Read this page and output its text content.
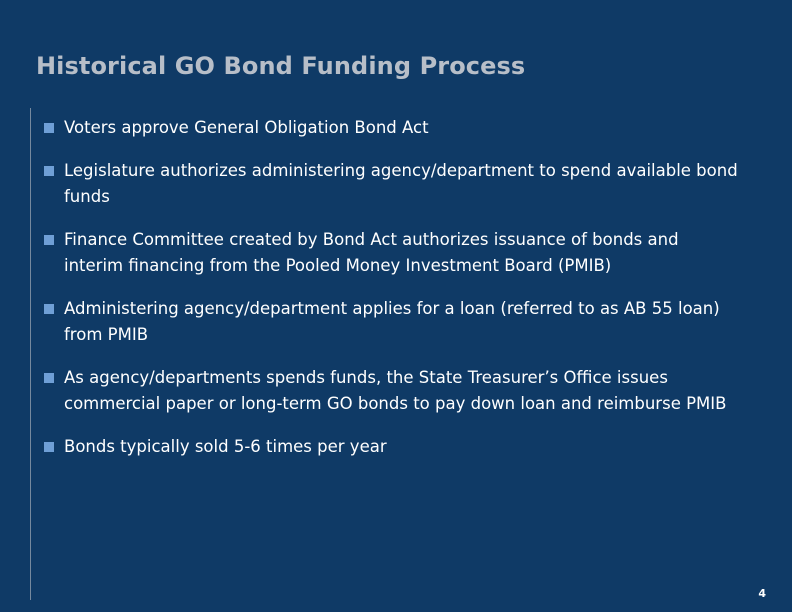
Historical GO Bond Funding Process
Voters approve General Obligation Bond Act
Legislature authorizes administering agency/department to spend available bond funds
Finance Committee created by Bond Act authorizes issuance of bonds and interim financing from the Pooled Money Investment Board (PMIB)
Administering agency/department applies for a loan (referred to as AB 55 loan) from PMIB
As agency/departments spends funds, the State Treasurer’s Office issues commercial paper or long-term GO bonds to pay down loan and reimburse PMIB
Bonds typically sold 5-6 times per year
4
